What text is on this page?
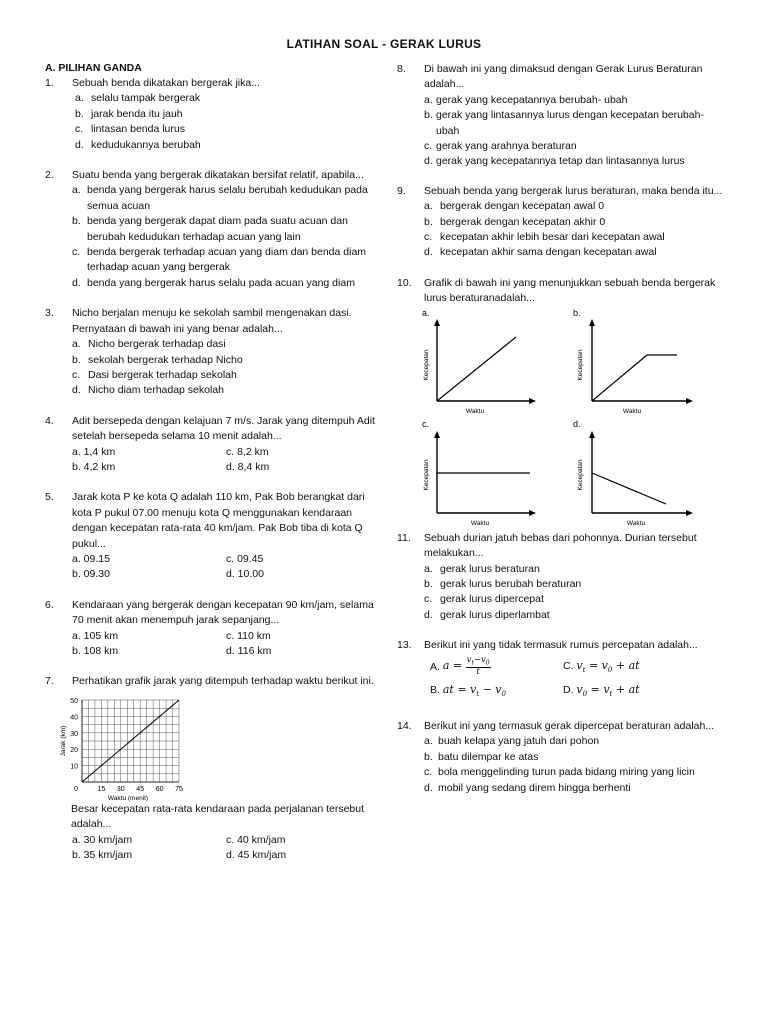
LATIHAN SOAL - GERAK LURUS
A. PILIHAN GANDA
1. Sebuah benda dikatakan bergerak jika...
a. selalu tampak bergerak
b. jarak benda itu jauh
c. lintasan benda lurus
d. kedudukannya berubah
2. Suatu benda yang bergerak dikatakan bersifat relatif, apabila...
a. benda yang bergerak harus selalu berubah kedudukan pada semua acuan
b. benda yang bergerak dapat diam pada suatu acuan dan berubah kedudukan terhadap acuan yang lain
c. benda bergerak terhadap acuan yang diam dan benda diam terhadap acuan yang bergerak
d. benda yang bergerak harus selalu pada acuan yang diam
3. Nicho berjalan menuju ke sekolah sambil mengenakan dasi. Pernyataan di bawah ini yang benar adalah...
a. Nicho bergerak terhadap dasi
b. sekolah bergerak terhadap Nicho
c. Dasi bergerak terhadap sekolah
d. Nicho diam terhadap sekolah
4. Adit bersepeda dengan kelajuan 7 m/s. Jarak yang ditempuh Adit setelah bersepeda selama 10 menit adalah...
a. 1,4 km	c. 8,2 km
b. 4,2 km	d. 8,4 km
5. Jarak kota P ke kota Q adalah 110 km, Pak Bob berangkat dari kota P pukul 07.00 menuju kota Q menggunakan kendaraan dengan kecepatan rata-rata 40 km/jam. Pak Bob tiba di kota Q pukul...
a. 09.15	c. 09.45
b. 09.30	d. 10.00
6. Kendaraan yang bergerak dengan kecepatan 90 km/jam, selama 70 menit akan menempuh jarak sepanjang...
a. 105 km	c. 110 km
b. 108 km	d. 116 km
7. Perhatikan grafik jarak yang ditempuh terhadap waktu berikut ini.
50
40
30
20
10
0	15 30 45 60 75
Waktu (menit)
Jarak (km)
Besar kecepatan rata-rata kendaraan pada perjalanan tersebut adalah...
a. 30 km/jam	c. 40 km/jam
b. 35 km/jam	d. 45 km/jam
8. Di bawah ini yang dimaksud dengan Gerak Lurus Beraturan adalah...
a. gerak yang kecepatannya berubah- ubah
b. gerak yang lintasannya lurus dengan kecepatan berubah-ubah
c. gerak yang arahnya beraturan
d. gerak yang kecepatannya tetap dan lintasannya lurus
9. Sebuah benda yang bergerak lurus beraturan, maka benda itu...
a. bergerak dengan kecepatan awal 0
b. bergerak dengan kecepatan akhir 0
c. kecepatan akhir lebih besar dari kecepatan awal
d. kecepatan akhir sama dengan kecepatan awal
10. Grafik di bawah ini yang menunjukkan sebuah benda bergerak lurus beraturanadalah...
a.
Waktu
Kecepatan
b.
Waktu
Kecepatan
c.
Waktu
Kecepatan
d.
Waktu
Kecepatan
11. Sebuah durian jatuh bebas dari pohonnya. Durian tersebut melakukan...
a. gerak lurus beraturan
b. gerak lurus berubah beraturan
c. gerak lurus dipercepat
d. gerak lurus diperlambat
13. Berikut ini yang tidak termasuk rumus percepatan adalah...
A. $a = \frac{v_t-v_0}{t}$	C. $v_t = v_0$ + at
B. at = $v_t - v_0$	D. $v_0 = v_t$ + at
14. Berikut ini yang termasuk gerak dipercepat beraturan adalah...
a. buah kelapa yang jatuh dari pohon
b. batu dilempar ke atas
c. bola menggelinding turun pada bidang miring yang licin
d. mobil yang sedang direm hingga berhenti
